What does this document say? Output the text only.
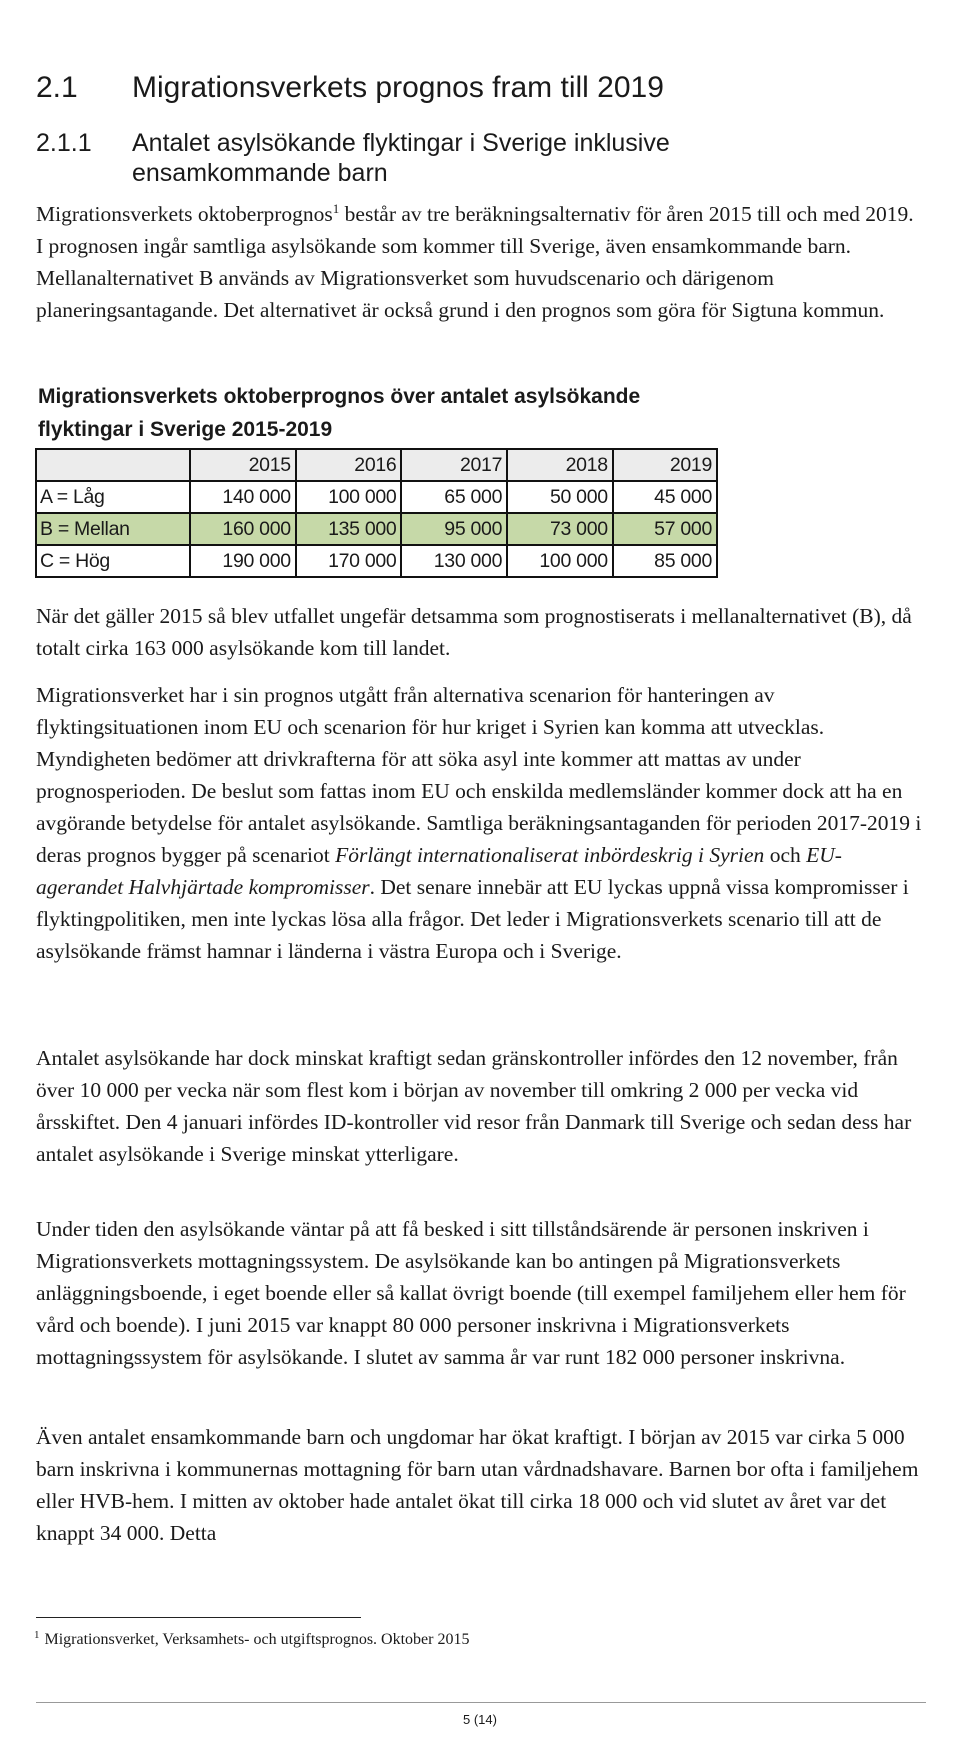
2.1 Migrationsverkets prognos fram till 2019
2.1.1 Antalet asylsökande flyktingar i Sverige inklusive ensamkommande barn

Migrationsverkets oktoberprognos$^1$ består av tre beräkningsalternativ för åren 2015 till och med 2019. I prognosen ingår samtliga asylsökande som kommer till Sverige, även ensamkommande barn. Mellanalternativet B används av Migrationsverket som huvudscenario och därigenom planeringsantagande. Det alternativet är också grund i den prognos som göra för Sigtuna kommun.

Migrationsverkets oktoberprognos över antalet asylsökande flyktingar i Sverige 2015-2019
	2015	2016	2017	2018	2019
A = Låg	140 000	100 000	65 000	50 000	45 000
B = Mellan	160 000	135 000	95 000	73 000	57 000
C = Hög	190 000	170 000	130 000	100 000	85 000

När det gäller 2015 så blev utfallet ungefär detsamma som prognostiserats i mellanalternativet (B), då totalt cirka 163 000 asylsökande kom till landet.

Migrationsverket har i sin prognos utgått från alternativa scenarion för hanteringen av flyktingsituationen inom EU och scenarion för hur kriget i Syrien kan komma att utvecklas. Myndigheten bedömer att drivkrafterna för att söka asyl inte kommer att mattas av under prognosperioden. De beslut som fattas inom EU och enskilda medlemsländer kommer dock att ha en avgörande betydelse för antalet asylsökande. Samtliga beräkningsantaganden för perioden 2017-2019 i deras prognos bygger på scenariot Förlängt internationaliserat inbördeskrig i Syrien och EU-agerandet Halvhjärtade kompromisser. Det senare innebär att EU lyckas uppnå vissa kompromisser i flyktingpolitiken, men inte lyckas lösa alla frågor. Det leder i Migrationsverkets scenario till att de asylsökande främst hamnar i länderna i västra Europa och i Sverige.

Antalet asylsökande har dock minskat kraftigt sedan gränskontroller infördes den 12 november, från över 10 000 per vecka när som flest kom i början av november till omkring 2 000 per vecka vid årsskiftet. Den 4 januari infördes ID-kontroller vid resor från Danmark till Sverige och sedan dess har antalet asylsökande i Sverige minskat ytterligare.

Under tiden den asylsökande väntar på att få besked i sitt tillståndsärende är personen inskriven i Migrationsverkets mottagningssystem. De asylsökande kan bo antingen på Migrationsverkets anläggningsboende, i eget boende eller så kallat övrigt boende (till exempel familjehem eller hem för vård och boende). I juni 2015 var knappt 80 000 personer inskrivna i Migrationsverkets mottagningssystem för asylsökande. I slutet av samma år var runt 182 000 personer inskrivna.

Även antalet ensamkommande barn och ungdomar har ökat kraftigt. I början av 2015 var cirka 5 000 barn inskrivna i kommunernas mottagning för barn utan vårdnadshavare. Barnen bor ofta i familjehem eller HVB-hem. I mitten av oktober hade antalet ökat till cirka 18 000 och vid slutet av året var det knappt 34 000. Detta

$^1$ Migrationsverket, Verksamhets- och utgiftsprognos. Oktober 2015
5 (14)
